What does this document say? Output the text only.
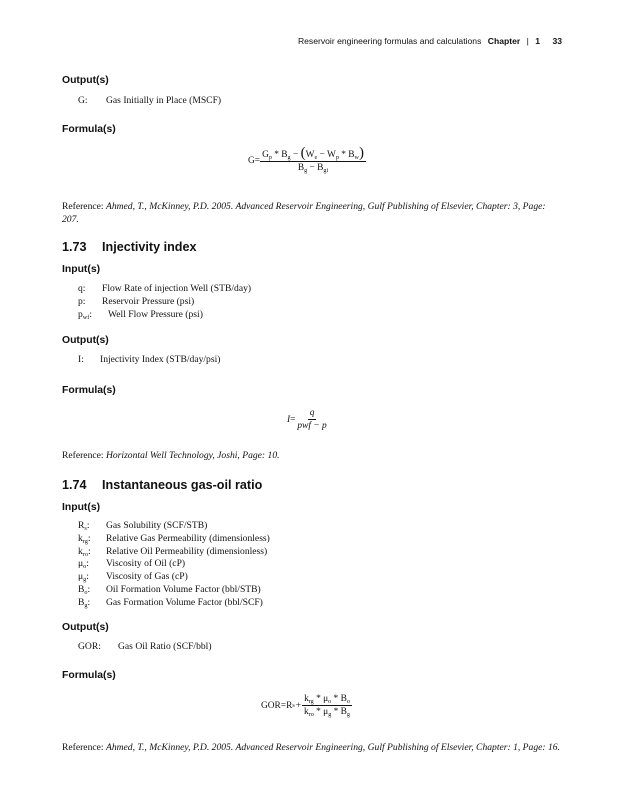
Reservoir engineering formulas and calculations Chapter | 1 33
Output(s)
G: Gas Initially in Place (MSCF)
Formula(s)
G =
$G_p * B_g - (W_e - W_p * B_w)$
$B_g - B_{gi}$
Reference: Ahmed, T., McKinney, P.D. 2005. Advanced Reservoir Engineering, Gulf Publishing of Elsevier, Chapter: 3, Page: 207.
1.73 Injectivity index
Input(s)
q:	Flow Rate of injection Well (STB/day)
p:	Reservoir Pressure (psi)
$p_{wf}$:	Well Flow Pressure (psi)
Output(s)
I: Injectivity Index (STB/day/psi)
Formula(s)
$I = \frac{q}{\text{pwf − p}}$
Reference: Horizontal Well Technology, Joshi, Page: 10.
1.74 Instantaneous gas-oil ratio
Input(s)
$R_s$:	Gas Solubility (SCF/STB)
$k_{rg}$:	Relative Gas Permeability (dimensionless)
$k_{ro}$:	Relative Oil Permeability (dimensionless)
$\mu_o$:	Viscosity of Oil (cP)
$\mu_g$:	Viscosity of Gas (cP)
$B_o$:	Oil Formation Volume Factor (bbl/STB)
$B_g$:	Gas Formation Volume Factor (bbl/SCF)
Output(s)
GOR: Gas Oil Ratio (SCF/bbl)
Formula(s)
GOR = R $s + \frac{k_{rg} * \mu_o * B_o}{k_{ro} * \mu_g * B_g}$
Reference: Ahmed, T., McKinney, P.D. 2005. Advanced Reservoir Engineering, Gulf Publishing of Elsevier, Chapter: 1, Page: 16.
